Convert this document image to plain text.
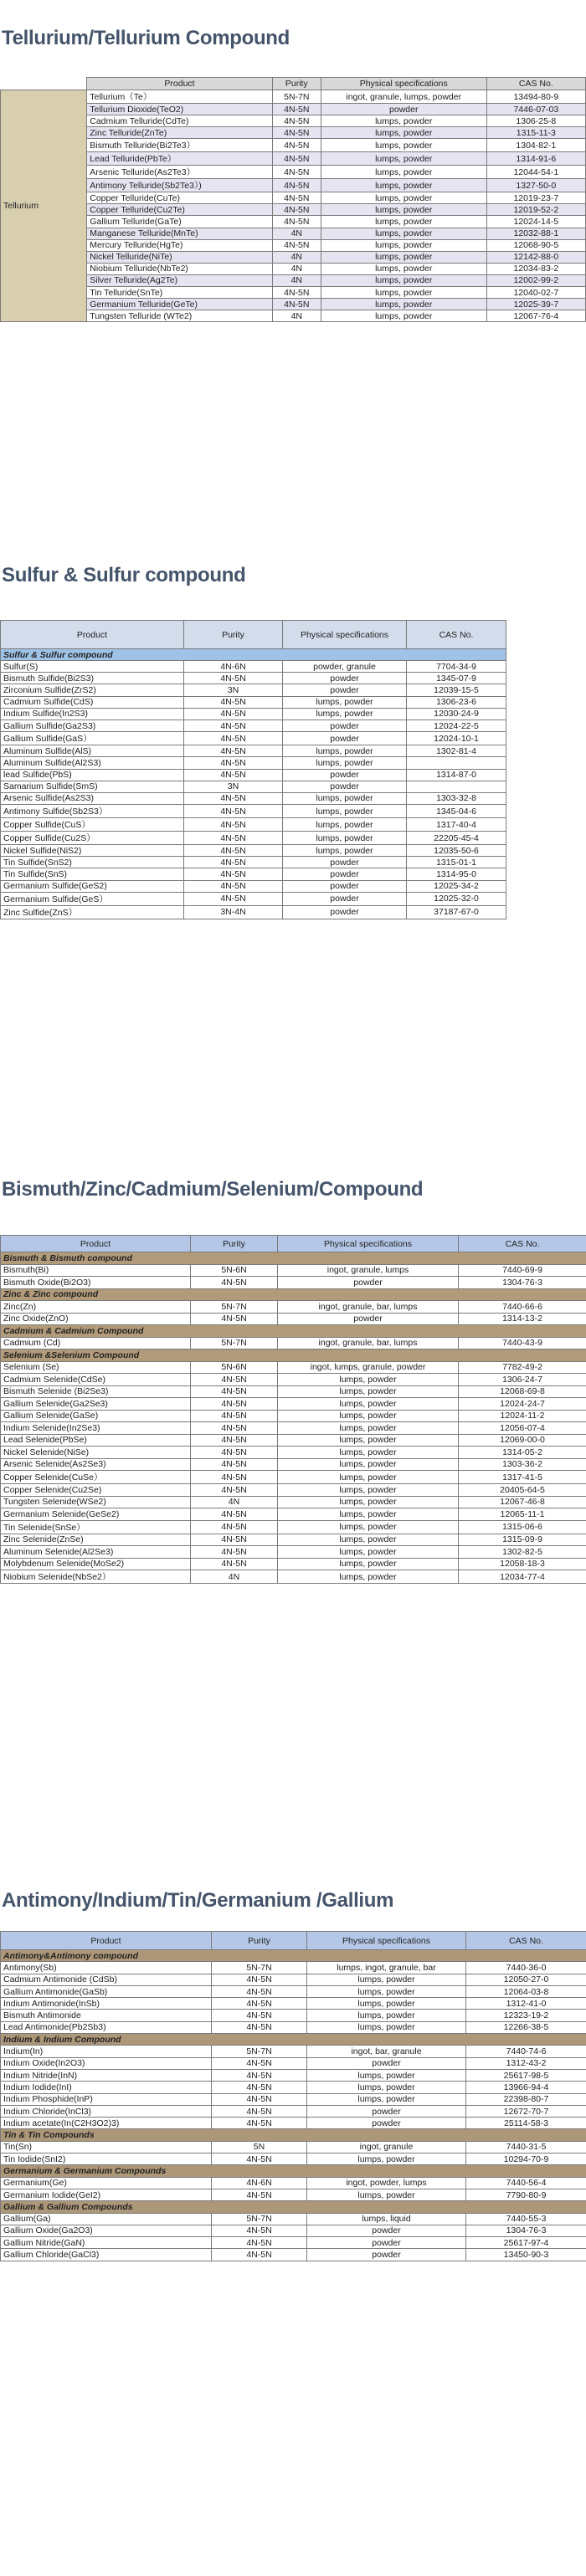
Tellurium/Tellurium Compound
	Product	Purity	Physical specifications	CAS No.
Tellurium	Tellurium（Te）	5N-7N	ingot, granule, lumps, powder	13494-80-9
	Tellurium Dioxide(TeO2)	4N-5N	powder	7446-07-03
	Cadmium Telluride(CdTe)	4N-5N	lumps, powder	1306-25-8
	Zinc Telluride(ZnTe)	4N-5N	lumps, powder	1315-11-3
	Bismuth Telluride(Bi2Te3）	4N-5N	lumps, powder	1304-82-1
	Lead Telluride(PbTe）	4N-5N	lumps, powder	1314-91-6
	Arsenic Telluride(As2Te3）	4N-5N	lumps, powder	12044-54-1
	Antimony Telluride(Sb2Te3）)	4N-5N	lumps, powder	1327-50-0
	Copper Telluride(CuTe)	4N-5N	lumps, powder	12019-23-7
	Copper Telluride(Cu2Te)	4N-5N	lumps, powder	12019-52-2
	Gallium Telluride(GaTe)	4N-5N	lumps, powder	12024-14-5
	Manganese Telluride(MnTe)	4N	lumps, powder	12032-88-1
	Mercury Telluride(HgTe)	4N-5N	lumps, powder	12068-90-5
	Nickel Telluride(NiTe)	4N	lumps, powder	12142-88-0
	Niobium Telluride(NbTe2)	4N	lumps, powder	12034-83-2
	Silver Telluride(Ag2Te)	4N	lumps, powder	12002-99-2
	Tin Telluride(SnTe)	4N-5N	lumps, powder	12040-02-7
	Germanium Telluride(GeTe)	4N-5N	lumps, powder	12025-39-7
	Tungsten Telluride (WTe2)	4N	lumps, powder	12067-76-4
Sulfur & Sulfur compound
Product	Purity	Physical specifications	CAS No.
Sulfur & Sulfur compound			
Sulfur(S)	4N-6N	powder, granule	7704-34-9
Bismuth Sulfide(Bi2S3)	4N-5N	powder	1345-07-9
Zirconium Sulfide(ZrS2)	3N	powder	12039-15-5
Cadmium Sulfide(CdS)	4N-5N	lumps, powder	1306-23-6
Indium Sulfide(In2S3)	4N-5N	lumps, powder	12030-24-9
Gallium Sulfide(Ga2S3)	4N-5N	powder	12024-22-5
Gallium Sulfide(GaS）	4N-5N	powder	12024-10-1
Aluminum Sulfide(AlS)	4N-5N	lumps, powder	1302-81-4
Aluminum Sulfide(Al2S3)	4N-5N	lumps, powder	
lead Sulfide(PbS)	4N-5N	powder	1314-87-0
Samarium Sulfide(SmS)	3N	powder	
Arsenic Sulfide(As2S3)	4N-5N	lumps, powder	1303-32-8
Antimony Sulfide(Sb2S3）	4N-5N	lumps, powder	1345-04-6
Copper Sulfide(CuS）	4N-5N	lumps, powder	1317-40-4
Copper Sulfide(Cu2S）	4N-5N	lumps, powder	22205-45-4
Nickel Sulfide(NiS2)	4N-5N	lumps, powder	12035-50-6
Tin Sulfide(SnS2)	4N-5N	powder	1315-01-1
Tin Sulfide(SnS)	4N-5N	powder	1314-95-0
Germanium Sulfide(GeS2)	4N-5N	powder	12025-34-2
Germanium Sulfide(GeS）	4N-5N	powder	12025-32-0
Zinc Sulfide(ZnS）	3N-4N	powder	37187-67-0
Bismuth/Zinc/Cadmium/Selenium/Compound
Product	Purity	Physical specifications	CAS No.
Bismuth & Bismuth compound			
Bismuth(Bi)	5N-6N	ingot, granule, lumps	7440-69-9
Bismuth Oxide(Bi2O3)	4N-5N	powder	1304-76-3
Zinc & Zinc compound			
Zinc(Zn)	5N-7N	ingot, granule, bar, lumps	7440-66-6
Zinc Oxide(ZnO)	4N-5N	powder	1314-13-2
Cadmium & Cadmium Compound			
Cadmium (Cd)	5N-7N	ingot, granule, bar, lumps	7440-43-9
Selenium &Selenium Compound			
Selenium (Se)	5N-6N	ingot, lumps, granule, powder	7782-49-2
Cadmium Selenide(CdSe)	4N-5N	lumps, powder	1306-24-7
Bismuth Selenide (Bi2Se3)	4N-5N	lumps, powder	12068-69-8
Gallium Selenide(Ga2Se3)	4N-5N	lumps, powder	12024-24-7
Gallium Selenide(GaSe)	4N-5N	lumps, powder	12024-11-2
Indium Selenide(In2Se3)	4N-5N	lumps, powder	12056-07-4
Lead Selenide(PbSe)	4N-5N	lumps, powder	12069-00-0
Nickel Selenide(NiSe)	4N-5N	lumps, powder	1314-05-2
Arsenic Selenide(As2Se3)	4N-5N	lumps, powder	1303-36-2
Copper Selenide(CuSe）	4N-5N	lumps, powder	1317-41-5
Copper Selenide(Cu2Se)	4N-5N	lumps, powder	20405-64-5
Tungsten Selenide(WSe2)	4N	lumps, powder	12067-46-8
Germanium Selenide(GeSe2)	4N-5N	lumps, powder	12065-11-1
Tin Selenide(SnSe）	4N-5N	lumps, powder	1315-06-6
Zinc Selenide(ZnSe)	4N-5N	lumps, powder	1315-09-9
Aluminum Selenide(Al2Se3)	4N-5N	lumps, powder	1302-82-5
Molybdenum Selenide(MoSe2)	4N-5N	lumps, powder	12058-18-3
Niobium Selenide(NbSe2）	4N	lumps, powder	12034-77-4
Antimony/Indium/Tin/Germanium /Gallium
Product	Purity	Physical specifications	CAS No.
Antimony&Antimony compound			
Antimony(Sb)	5N-7N	lumps, ingot, granule, bar	7440-36-0
Cadmium Antimonide (CdSb)	4N-5N	lumps, powder	12050-27-0
Gallium Antimonide(GaSb)	4N-5N	lumps, powder	12064-03-8
Indium Antimonide(InSb)	4N-5N	lumps, powder	1312-41-0
Bismuth Antimonide	4N-5N	lumps, powder	12323-19-2
Lead Antimonide(Pb2Sb3)	4N-5N	lumps, powder	12266-38-5
Indium & Indium Compound			
Indium(In)	5N-7N	ingot, bar, granule	7440-74-6
Indium Oxide(In2O3)	4N-5N	powder	1312-43-2
Indium Nitride(InN)	4N-5N	lumps, powder	25617-98-5
Indium Iodide(InI)	4N-5N	lumps, powder	13966-94-4
Indium Phosphide(InP)	4N-5N	lumps, powder	22398-80-7
Indium Chloride(InCl3)	4N-5N	powder	12672-70-7
Indium acetate(In(C2H3O2)3)	4N-5N	powder	25114-58-3
Tin & Tin Compounds			
Tin(Sn)	5N	ingot, granule	7440-31-5
Tin Iodide(SnI2)	4N-5N	lumps, powder	10294-70-9
Germanium & Germanium Compounds			
Germanium(Ge)	4N-6N	ingot, powder, lumps	7440-56-4
Germanium Iodide(GeI2)	4N-5N	lumps, powder	7790-80-9
Gallium & Gallium Compounds			
Gallium(Ga)	5N-7N	lumps, liquid	7440-55-3
Gallium Oxide(Ga2O3)	4N-5N	powder	1304-76-3
Gallium Nitride(GaN)	4N-5N	powder	25617-97-4
Gallium Chloride(GaCl3)	4N-5N	powder	13450-90-3
